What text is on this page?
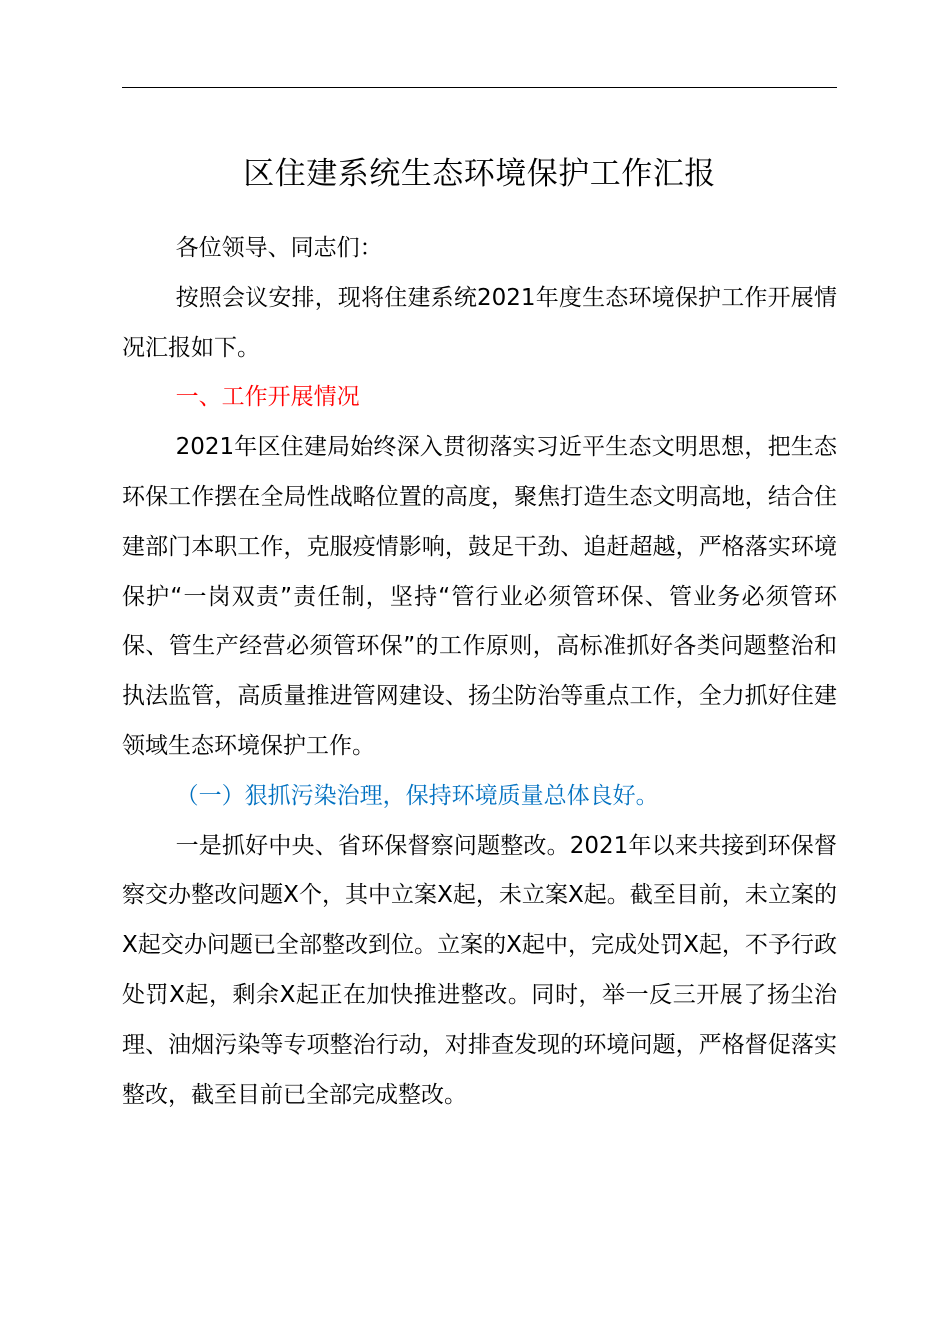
区住建系统生态环境保护工作汇报

各位领导、同志们：

按照会议安排，现将住建系统2021年度生态环境保护工作开展情况汇报如下。

一、工作开展情况

2021年区住建局始终深入贯彻落实习近平生态文明思想，把生态环保工作摆在全局性战略位置的高度，聚焦打造生态文明高地，结合住建部门本职工作，克服疫情影响，鼓足干劲、追赶超越，严格落实环境保护“一岗双责”责任制，坚持“管行业必须管环保、管业务必须管环保、管生产经营必须管环保”的工作原则，高标准抓好各类问题整治和执法监管，高质量推进管网建设、扬尘防治等重点工作，全力抓好住建领域生态环境保护工作。

（一）狠抓污染治理，保持环境质量总体良好。

一是抓好中央、省环保督察问题整改。2021年以来共接到环保督察交办整改问题X个，其中立案X起，未立案X起。截至目前，未立案的X起交办问题已全部整改到位。立案的X起中，完成处罚X起，不予行政处罚X起，剩余X起正在加快推进整改。同时，举一反三开展了扬尘治理、油烟污染等专项整治行动，对排查发现的环境问题，严格督促落实整改，截至目前已全部完成整改。
